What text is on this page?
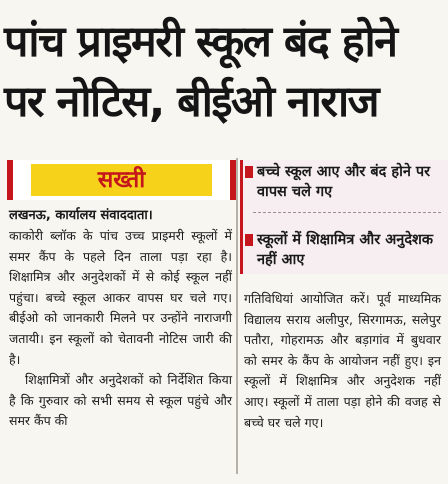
पांच प्राइमरी स्कूल बंद होने
पर नोटिस, बीईओ नाराज
सख्ती
लखनऊ, कार्यालय संवाददाता।

काकोरी ब्लॉक के पांच उच्च प्राइमरी स्कूलों में समर कैंप के पहले दिन ताला पड़ा रहा है। शिक्षामित्र और अनुदेशकों में से कोई स्कूल नहीं पहुंचा। बच्चे स्कूल आकर वापस घर चले गए। बीईओ को जानकारी मिलने पर उन्होंने नाराजगी जतायी। इन स्कूलों को चेतावनी नोटिस जारी की है।

शिक्षामित्रों और अनुदेशकों को निर्देशित किया है कि गुरुवार को सभी समय से स्कूल पहुंचे और समर कैंप की

बच्चे स्कूल आए और बंद होने पर वापस चले गए
स्कूलों में शिक्षामित्र और अनुदेशक नहीं आए

गतिविधियां आयोजित करें। पूर्व माध्यमिक विद्यालय सराय अलीपुर, सिरगामऊ, सलेपुर पतौरा, गोहरामऊ और बड़ागांव में बुधवार को समर के कैंप के आयोजन नहीं हुए। इन स्कूलों में शिक्षामित्र और अनुदेशक नहीं आए। स्कूलों में ताला पड़ा होने की वजह से बच्चे घर चले गए।
